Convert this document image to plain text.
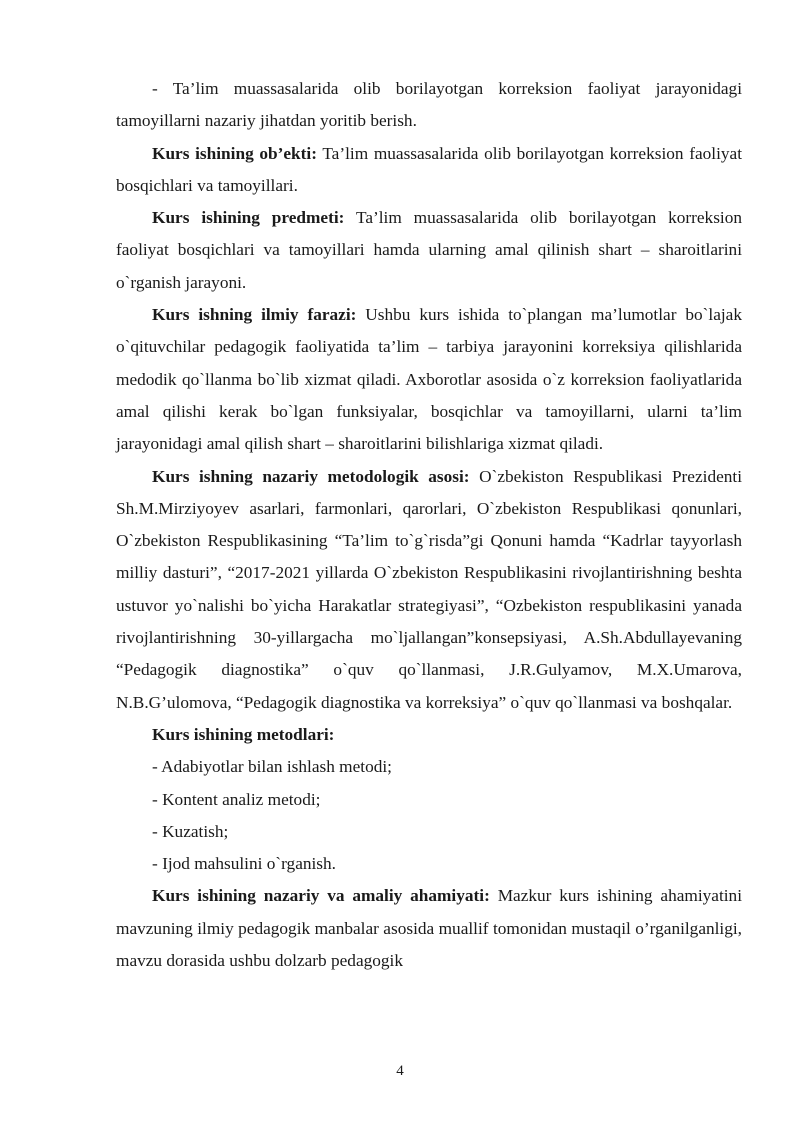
- Ta’lim muassasalarida olib borilayotgan korreksion faoliyat jarayonidagi tamoyillarni nazariy jihatdan yoritib berish.

Kurs ishining ob’ekti: Ta’lim muassasalarida olib borilayotgan korreksion faoliyat bosqichlari va tamoyillari.

Kurs ishining predmeti: Ta’lim muassasalarida olib borilayotgan korreksion faoliyat bosqichlari va tamoyillari hamda ularning amal qilinish shart – sharoitlarini o`rganish jarayoni.

Kurs ishning ilmiy farazi: Ushbu kurs ishida to`plangan ma’lumotlar bo`lajak o`qituvchilar pedagogik faoliyatida ta’lim – tarbiya jarayonini korreksiya qilishlarida medodik qo`llanma bo`lib xizmat qiladi. Axborotlar asosida o`z korreksion faoliyatlarida amal qilishi kerak bo`lgan funksiyalar, bosqichlar va tamoyillarni, ularni ta’lim jarayonidagi amal qilish shart – sharoitlarini bilishlariga xizmat qiladi.

Kurs ishning nazariy metodologik asosi: O`zbekiston Respublikasi Prezidenti Sh.M.Mirziyoyev asarlari, farmonlari, qarorlari, O`zbekiston Respublikasi qonunlari, O`zbekiston Respublikasining “Ta’lim to`g`risda”gi Qonuni hamda “Kadrlar tayyorlash milliy dasturi”, “2017-2021 yillarda O`zbekiston Respublikasini rivojlantirishning beshta ustuvor yo`nalishi bo`yicha Harakatlar strategiyasi”, “Ozbekiston respublikasini yanada rivojlantirishning 30-yillargacha mo`ljallangan”konsepsiyasi, A.Sh.Abdullayevaning “Pedagogik diagnostika” o`quv qo`llanmasi, J.R.Gulyamov, M.X.Umarova, N.B.G’ulomova, “Pedagogik diagnostika va korreksiya” o`quv qo`llanmasi va boshqalar.

Kurs ishining metodlari:

- Adabiyotlar bilan ishlash metodi;
- Kontent analiz metodi;
- Kuzatish;
- Ijod mahsulini o`rganish.

Kurs ishining nazariy va amaliy ahamiyati: Mazkur kurs ishining ahamiyatini mavzuning ilmiy pedagogik manbalar asosida muallif tomonidan mustaqil o’rganilganligi, mavzu dorasida ushbu dolzarb pedagogik

4
